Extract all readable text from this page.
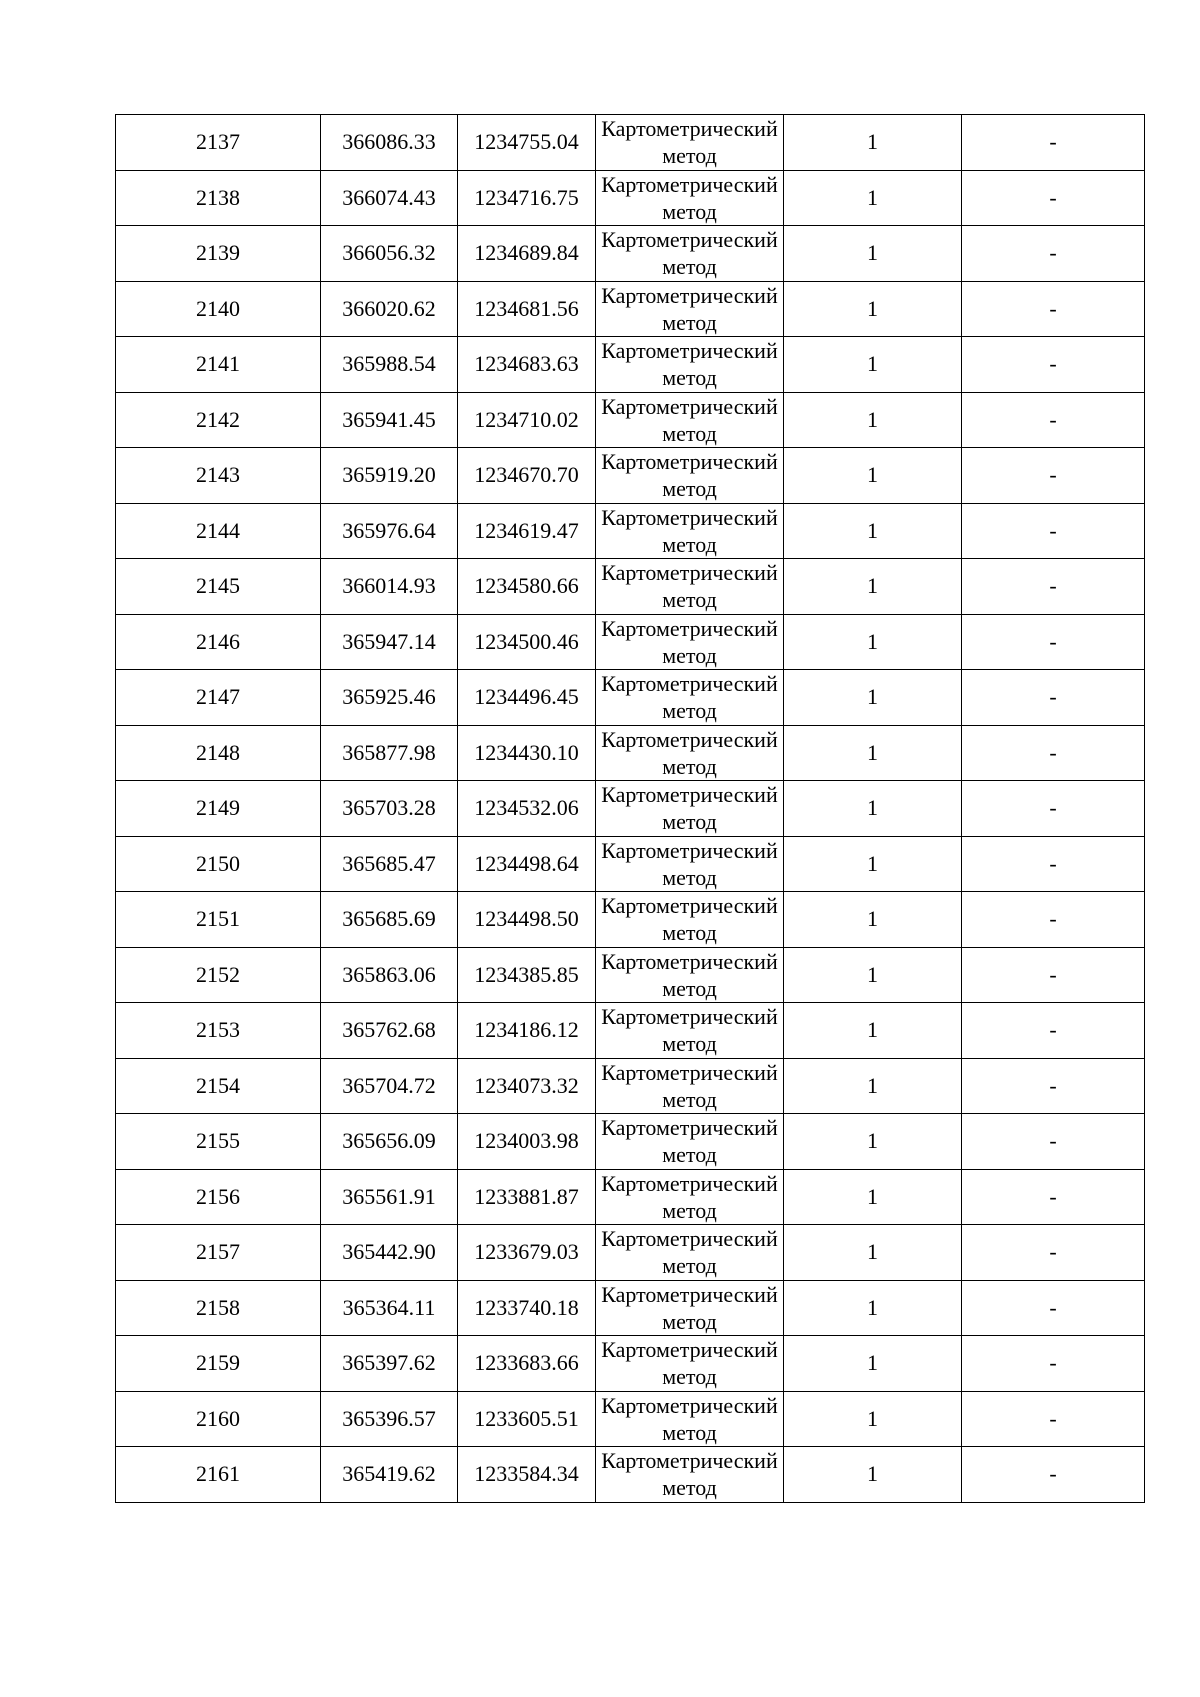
2137	366086.33	1234755.04	Картометрический метод	1	-
2138	366074.43	1234716.75	Картометрический метод	1	-
2139	366056.32	1234689.84	Картометрический метод	1	-
2140	366020.62	1234681.56	Картометрический метод	1	-
2141	365988.54	1234683.63	Картометрический метод	1	-
2142	365941.45	1234710.02	Картометрический метод	1	-
2143	365919.20	1234670.70	Картометрический метод	1	-
2144	365976.64	1234619.47	Картометрический метод	1	-
2145	366014.93	1234580.66	Картометрический метод	1	-
2146	365947.14	1234500.46	Картометрический метод	1	-
2147	365925.46	1234496.45	Картометрический метод	1	-
2148	365877.98	1234430.10	Картометрический метод	1	-
2149	365703.28	1234532.06	Картометрический метод	1	-
2150	365685.47	1234498.64	Картометрический метод	1	-
2151	365685.69	1234498.50	Картометрический метод	1	-
2152	365863.06	1234385.85	Картометрический метод	1	-
2153	365762.68	1234186.12	Картометрический метод	1	-
2154	365704.72	1234073.32	Картометрический метод	1	-
2155	365656.09	1234003.98	Картометрический метод	1	-
2156	365561.91	1233881.87	Картометрический метод	1	-
2157	365442.90	1233679.03	Картометрический метод	1	-
2158	365364.11	1233740.18	Картометрический метод	1	-
2159	365397.62	1233683.66	Картометрический метод	1	-
2160	365396.57	1233605.51	Картометрический метод	1	-
2161	365419.62	1233584.34	Картометрический метод	1	-
